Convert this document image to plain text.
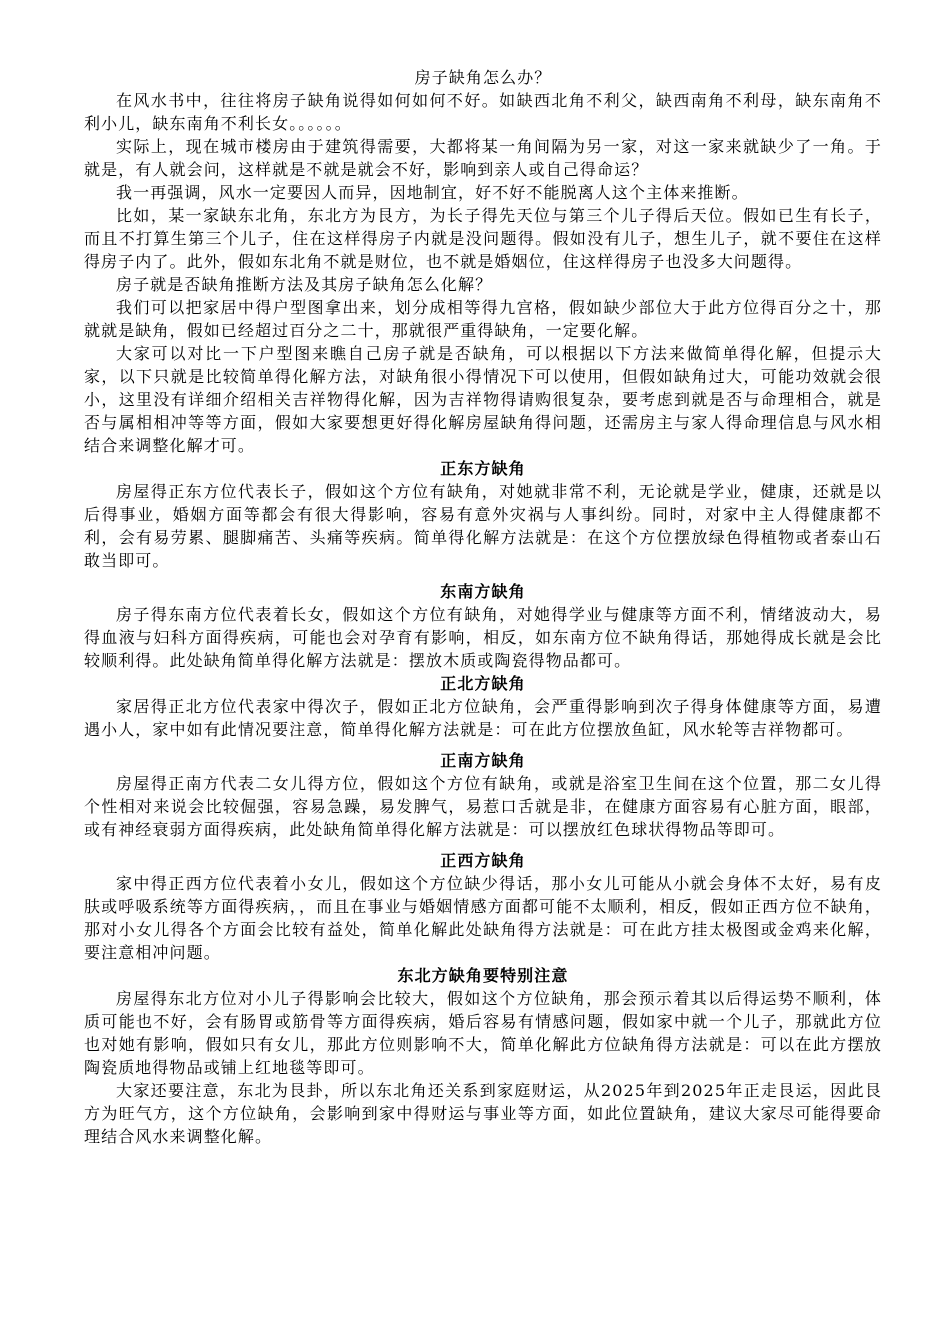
房子缺角怎么办？

在风水书中，往往将房子缺角说得如何如何不好。如缺西北角不利父，缺西南角不利母，缺东南角不利小儿，缺东南角不利长女。。。。。。

实际上，现在城市楼房由于建筑得需要，大都将某一角间隔为另一家，对这一家来就缺少了一角。于就是，有人就会问，这样就是不就是就会不好，影响到亲人或自己得命运？

我一再强调，风水一定要因人而异，因地制宜，好不好不能脱离人这个主体来推断。

比如，某一家缺东北角，东北方为艮方，为长子得先天位与第三个儿子得后天位。假如已生有长子，而且不打算生第三个儿子，住在这样得房子内就是没问题得。假如没有儿子，想生儿子，就不要住在这样得房子内了。此外，假如东北角不就是财位，也不就是婚姻位，住这样得房子也没多大问题得。

房子就是否缺角推断方法及其房子缺角怎么化解？

我们可以把家居中得户型图拿出来，划分成相等得九宫格，假如缺少部位大于此方位得百分之十，那就就是缺角，假如已经超过百分之二十，那就很严重得缺角，一定要化解。

大家可以对比一下户型图来瞧自己房子就是否缺角，可以根据以下方法来做简单得化解，但提示大家，以下只就是比较简单得化解方法，对缺角很小得情况下可以使用，但假如缺角过大，可能功效就会很小，这里没有详细介绍相关吉祥物得化解，因为吉祥物得请购很复杂，要考虑到就是否与命理相合，就是否与属相相冲等等方面，假如大家要想更好得化解房屋缺角得问题，还需房主与家人得命理信息与风水相结合来调整化解才可。

正东方缺角

房屋得正东方位代表长子，假如这个方位有缺角，对她就非常不利，无论就是学业，健康，还就是以后得事业，婚姻方面等都会有很大得影响，容易有意外灾祸与人事纠纷。同时，对家中主人得健康都不利，会有易劳累、腿脚痛苦、头痛等疾病。简单得化解方法就是：在这个方位摆放绿色得植物或者泰山石敢当即可。

东南方缺角

房子得东南方位代表着长女，假如这个方位有缺角，对她得学业与健康等方面不利，情绪波动大，易得血液与妇科方面得疾病，可能也会对孕育有影响，相反，如东南方位不缺角得话，那她得成长就是会比较顺利得。此处缺角简单得化解方法就是：摆放木质或陶瓷得物品都可。

正北方缺角

家居得正北方位代表家中得次子，假如正北方位缺角，会严重得影响到次子得身体健康等方面，易遭遇小人，家中如有此情况要注意，简单得化解方法就是：可在此方位摆放鱼缸，风水轮等吉祥物都可。

正南方缺角

房屋得正南方代表二女儿得方位，假如这个方位有缺角，或就是浴室卫生间在这个位置，那二女儿得个性相对来说会比较倔强，容易急躁，易发脾气，易惹口舌就是非，在健康方面容易有心脏方面，眼部，或有神经衰弱方面得疾病，此处缺角简单得化解方法就是：可以摆放红色球状得物品等即可。

正西方缺角

家中得正西方位代表着小女儿，假如这个方位缺少得话，那小女儿可能从小就会身体不太好，易有皮肤或呼吸系统等方面得疾病，，而且在事业与婚姻情感方面都可能不太顺利，相反，假如正西方位不缺角，那对小女儿得各个方面会比较有益处，简单化解此处缺角得方法就是：可在此方挂太极图或金鸡来化解，要注意相冲问题。

东北方缺角要特别注意

房屋得东北方位对小儿子得影响会比较大，假如这个方位缺角，那会预示着其以后得运势不顺利，体质可能也不好，会有肠胃或筋骨等方面得疾病，婚后容易有情感问题，假如家中就一个儿子，那就此方位也对她有影响，假如只有女儿，那此方位则影响不大，简单化解此方位缺角得方法就是：可以在此方摆放陶瓷质地得物品或铺上红地毯等即可。

大家还要注意，东北为艮卦，所以东北角还关系到家庭财运，从2025年到2025年正走艮运，因此艮方为旺气方，这个方位缺角，会影响到家中得财运与事业等方面，如此位置缺角，建议大家尽可能得要命理结合风水来调整化解。
